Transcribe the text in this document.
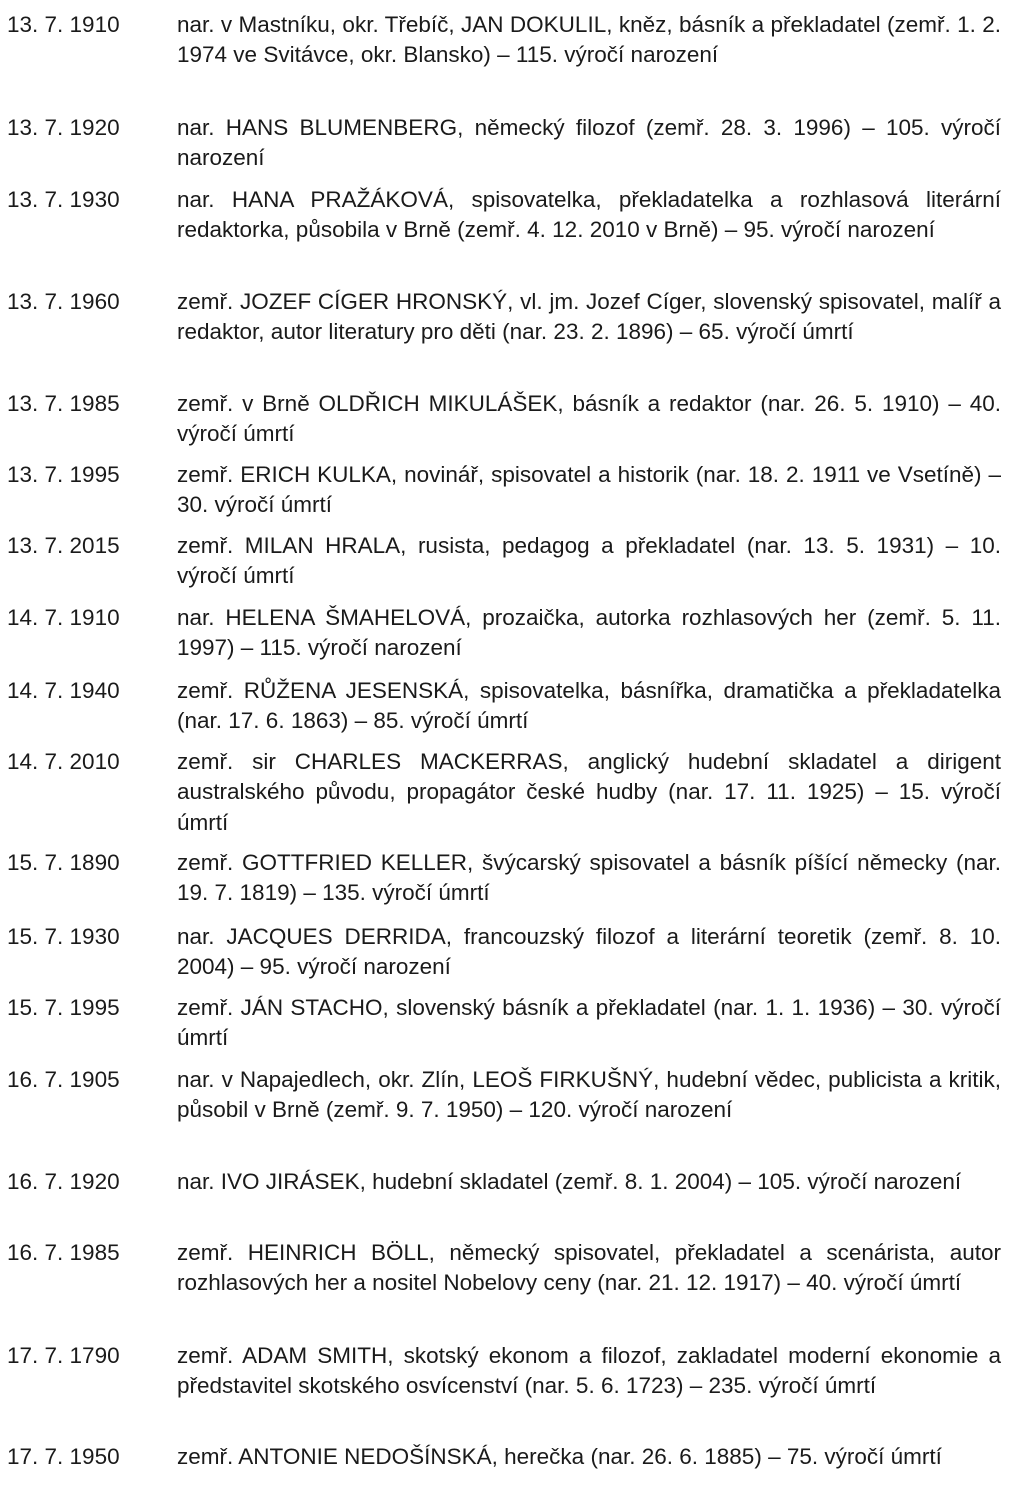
13. 7. 1910	nar. v Mastníku, okr. Třebíč, JAN DOKULIL, kněz, básník a překladatel (zemř. 1. 2. 1974 ve Svitávce, okr. Blansko) – 115. výročí narození
13. 7. 1920	nar. HANS BLUMENBERG, německý filozof (zemř. 28. 3. 1996) – 105. výročí narození
13. 7. 1930	nar. HANA PRAŽÁKOVÁ, spisovatelka, překladatelka a rozhlasová literární redaktorka, působila v Brně (zemř. 4. 12. 2010 v Brně) – 95. výročí narození
13. 7. 1960	zemř. JOZEF CÍGER HRONSKÝ, vl. jm. Jozef Cíger, slovenský spisovatel, malíř a redaktor, autor literatury pro děti (nar. 23. 2. 1896) – 65. výročí úmrtí
13. 7. 1985	zemř. v Brně OLDŘICH MIKULÁŠEK, básník a redaktor (nar. 26. 5. 1910) – 40. výročí úmrtí
13. 7. 1995	zemř. ERICH KULKA, novinář, spisovatel a historik (nar. 18. 2. 1911 ve Vsetíně) – 30. výročí úmrtí
13. 7. 2015	zemř. MILAN HRALA, rusista, pedagog a překladatel (nar. 13. 5. 1931) – 10. výročí úmrtí
14. 7. 1910	nar. HELENA ŠMAHELOVÁ, prozaička, autorka rozhlasových her (zemř. 5. 11. 1997) – 115. výročí narození
14. 7. 1940	zemř. RŮŽENA JESENSKÁ, spisovatelka, básnířka, dramatička a překladatelka (nar. 17. 6. 1863) – 85. výročí úmrtí
14. 7. 2010	zemř. sir CHARLES MACKERRAS, anglický hudební skladatel a dirigent australského původu, propagátor české hudby (nar. 17. 11. 1925) – 15. výročí úmrtí
15. 7. 1890	zemř. GOTTFRIED KELLER, švýcarský spisovatel a básník píšící německy (nar. 19. 7. 1819) – 135. výročí úmrtí
15. 7. 1930	nar. JACQUES DERRIDA, francouzský filozof a literární teoretik (zemř. 8. 10. 2004) – 95. výročí narození
15. 7. 1995	zemř. JÁN STACHO, slovenský básník a překladatel (nar. 1. 1. 1936) – 30. výročí úmrtí
16. 7. 1905	nar. v Napajedlech, okr. Zlín, LEOŠ FIRKUŠNÝ, hudební vědec, publicista a kritik, působil v Brně (zemř. 9. 7. 1950) – 120. výročí narození
16. 7. 1920	nar. IVO JIRÁSEK, hudební skladatel (zemř. 8. 1. 2004) – 105. výročí narození
16. 7. 1985	zemř. HEINRICH BÖLL, německý spisovatel, překladatel a scenárista, autor rozhlasových her a nositel Nobelovy ceny (nar. 21. 12. 1917) – 40. výročí úmrtí
17. 7. 1790	zemř. ADAM SMITH, skotský ekonom a filozof, zakladatel moderní ekonomie a představitel skotského osvícenství (nar. 5. 6. 1723) – 235. výročí úmrtí
17. 7. 1950	zemř. ANTONIE NEDOŠÍNSKÁ, herečka (nar. 26. 6. 1885) – 75. výročí úmrtí
